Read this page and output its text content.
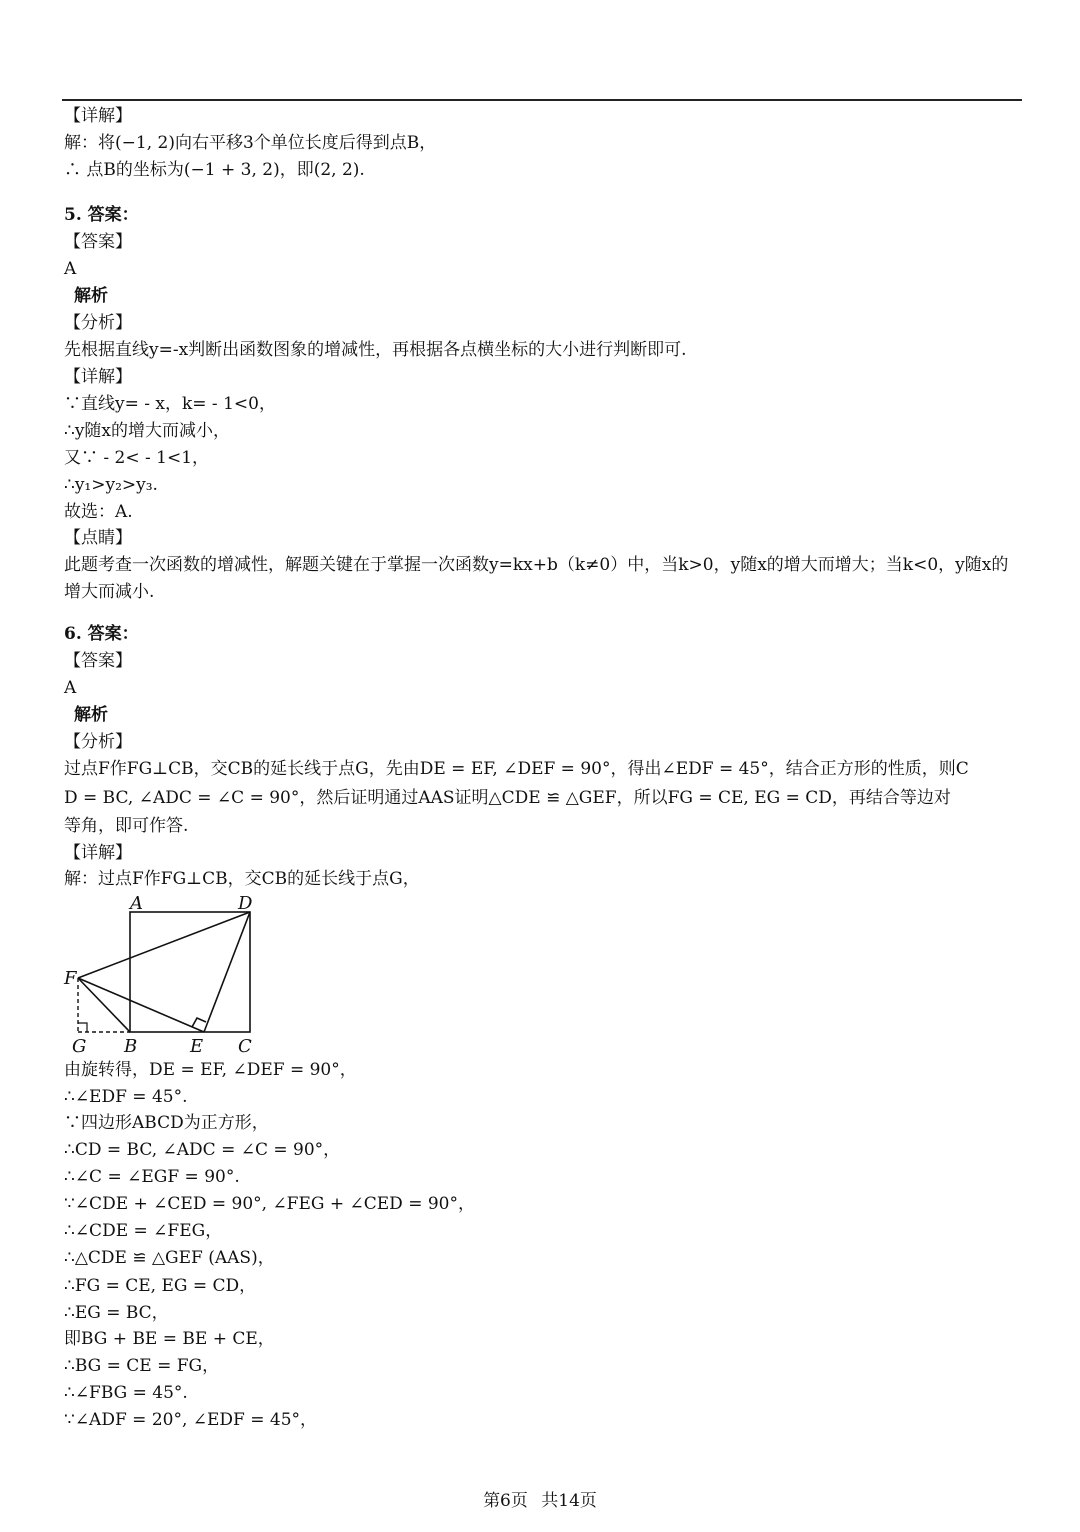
【详解】
解：将(−1, 2)向右平移3个单位长度后得到点B，
∴ 点B的坐标为(−1 + 3, 2)，即(2, 2).
5. 答案：
【答案】
A
解析
【分析】
先根据直线y=-x判断出函数图象的增减性，再根据各点横坐标的大小进行判断即可.
【详解】
∵直线y= - x，k= - 1<0，
∴y随x的增大而减小，
又∵ - 2< - 1<1，
∴y₁>y₂>y₃.
故选：A.
【点睛】
此题考查一次函数的增减性，解题关键在于掌握一次函数y=kx+b（k≠0）中，当k>0，y随x的增大而增大；当k<0，y随x的
增大而减小.
6. 答案：
【答案】
A
解析
【分析】
过点F作FG⊥CB，交CB的延长线于点G，先由DE = EF, ∠DEF = 90°，得出∠EDF = 45°，结合正方形的性质，则C
D = BC, ∠ADC = ∠C = 90°，然后证明通过AAS证明△CDE ≌ △GEF，所以FG = CE, EG = CD，再结合等边对
等角，即可作答.
【详解】
解：过点F作FG⊥CB，交CB的延长线于点G，
A	D
F
G B	E C
由旋转得，DE = EF, ∠DEF = 90°，
∴∠EDF = 45°.
∵四边形ABCD为正方形，
∴CD = BC, ∠ADC = ∠C = 90°，
∴∠C = ∠EGF = 90°.
∵∠CDE + ∠CED = 90°, ∠FEG + ∠CED = 90°，
∴∠CDE = ∠FEG，
∴△CDE ≌ △GEF (AAS)，
∴FG = CE, EG = CD，
∴EG = BC，
即BG + BE = BE + CE，
∴BG = CE = FG，
∴∠FBG = 45°.
∵∠ADF = 20°, ∠EDF = 45°，
第6页 共14页
